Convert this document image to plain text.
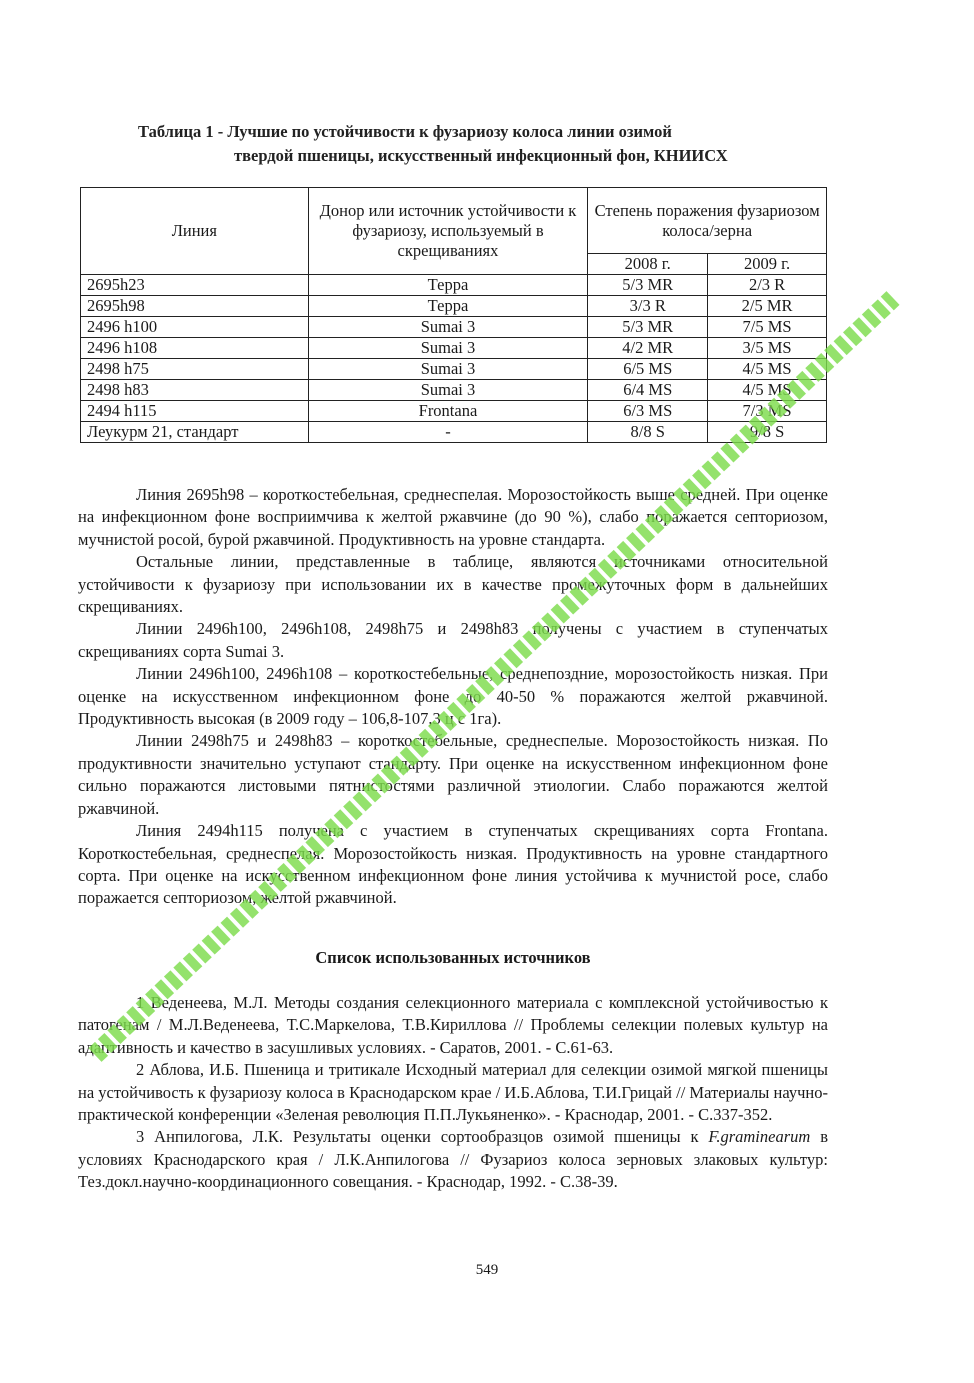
Таблица 1 - Лучшие по устойчивости к фузариозу колоса линии озимой
твердой пшеницы, искусственный инфекционный фон, КНИИСХ
Линия	Донор или источник устойчивости к фузариозу, используемый в скрещиваниях	Степень поражения фузариозом колоса/зерна	
		2008 г.	2009 г.
2695h23	Терра	5/3 MR	2/3 R
2695h98	Терра	3/3 R	2/5 MR
2496 h100	Sumai 3	5/3 MR	7/5 MS
2496 h108	Sumai 3	4/2 MR	3/5 MS
2498 h75	Sumai 3	6/5 MS	4/5 MS
2498 h83	Sumai 3	6/4 MS	4/5 MS
2494 h115	Frontana	6/3 MS	7/3 MS
Леукурм 21, стандарт	-	8/8 S	9/8 S

Линия 2695h98 – короткостебельная, среднеспелая. Морозостойкость выше средней. При оценке на инфекционном фоне восприимчива к желтой ржавчине (до 90 %), слабо поражается септориозом, мучнистой росой, бурой ржавчиной. Продуктивность на уровне стандарта.

Остальные линии, представленные в таблице, являются источниками относительной устойчивости к фузариозу при использовании их в качестве промежуточных форм в дальнейших скрещиваниях.

Линии 2496h100, 2496h108, 2498h75 и 2498h83 получены с участием в ступенчатых скрещиваниях сорта Sumai 3.

Линии 2496h100, 2496h108 – короткостебельные, среднепоздние, морозостойкость низкая. При оценке на искусственном инфекционном фоне до 40-50 % поражаются желтой ржавчиной. Продуктивность высокая (в 2009 году – 106,8-107,3 ц с 1га).

Линии 2498h75 и 2498h83 – короткостебельные, среднеспелые. Морозостойкость низкая. По продуктивности значительно уступают стандарту. При оценке на искусственном инфекционном фоне сильно поражаются листовыми пятнистостями различной этиологии. Слабо поражаются желтой ржавчиной.

Линия 2494h115 получена с участием в ступенчатых скрещиваниях сорта Frontana. Короткостебельная, среднеспелая. Морозостойкость низкая. Продуктивность на уровне стандартного сорта. При оценке на искусственном инфекционном фоне линия устойчива к мучнистой росе, слабо поражается септориозом, желтой ржавчиной.

Список использованных источников

1 Веденеева, М.Л. Методы создания селекционного материала с комплексной устойчивостью к патогенам / М.Л.Веденеева, Т.С.Маркелова, Т.В.Кириллова // Проблемы селекции полевых культур на адаптивность и качество в засушливых условиях. - Саратов, 2001. - С.61-63.

2 Аблова, И.Б. Пшеница и тритикале Исходный материал для селекции озимой мягкой пшеницы на устойчивость к фузариозу колоса в Краснодарском крае / И.Б.Аблова, Т.И.Грицай // Материалы научно-практической конференции «Зеленая революция П.П.Лукьяненко». - Краснодар, 2001. - С.337-352.

3 Анпилогова, Л.К. Результаты оценки сортообразцов озимой пшеницы к F.graminearum в условиях Краснодарского края / Л.К.Анпилогова // Фузариоз колоса зерновых злаковых культур: Тез.докл.научно-координационного совещания. - Краснодар, 1992. - С.38-39.

549
